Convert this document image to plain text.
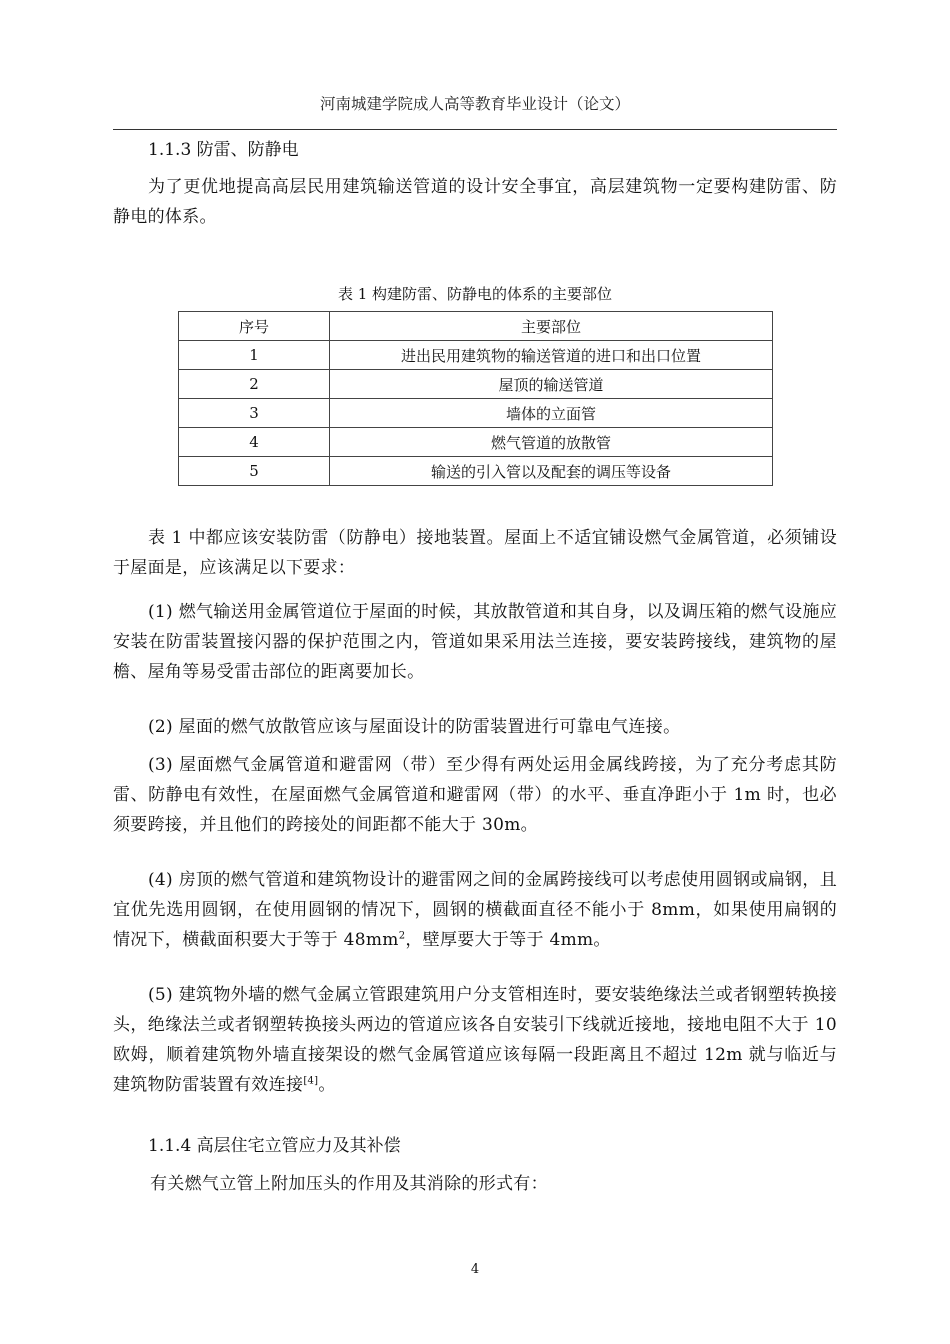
河南城建学院成人高等教育毕业设计（论文）
1.1.3 防雷、防静电
为了更优地提高高层民用建筑输送管道的设计安全事宜，高层建筑物一定要构建防雷、防静电的体系。
表 1 构建防雷、防静电的体系的主要部位
序号	主要部位
1	进出民用建筑物的输送管道的进口和出口位置
2	屋顶的输送管道
3	墙体的立面管
4	燃气管道的放散管
5	输送的引入管以及配套的调压等设备
表 1 中都应该安装防雷（防静电）接地装置。屋面上不适宜铺设燃气金属管道，必须铺设于屋面是，应该满足以下要求：
(1) 燃气输送用金属管道位于屋面的时候，其放散管道和其自身，以及调压箱的燃气设施应安装在防雷装置接闪器的保护范围之内，管道如果采用法兰连接，要安装跨接线，建筑物的屋檐、屋角等易受雷击部位的距离要加长。
(2) 屋面的燃气放散管应该与屋面设计的防雷装置进行可靠电气连接。
(3) 屋面燃气金属管道和避雷网（带）至少得有两处运用金属线跨接，为了充分考虑其防雷、防静电有效性，在屋面燃气金属管道和避雷网（带）的水平、垂直净距小于 1m 时，也必须要跨接，并且他们的跨接处的间距都不能大于 30m。
(4) 房顶的燃气管道和建筑物设计的避雷网之间的金属跨接线可以考虑使用圆钢或扁钢，且宜优先选用圆钢，在使用圆钢的情况下，圆钢的横截面直径不能小于 8mm，如果使用扁钢的情况下，横截面积要大于等于 $48mm^2$，壁厚要大于等于 4mm。
(5) 建筑物外墙的燃气金属立管跟建筑用户分支管相连时，要安装绝缘法兰或者钢塑转换接头，绝缘法兰或者钢塑转换接头两边的管道应该各自安装引下线就近接地，接地电阻不大于 10 欧姆，顺着建筑物外墙直接架设的燃气金属管道应该每隔一段距离且不超过 12m 就与临近与建筑物防雷装置有效连接[4]。
1.1.4 高层住宅立管应力及其补偿
有关燃气立管上附加压头的作用及其消除的形式有：
4
